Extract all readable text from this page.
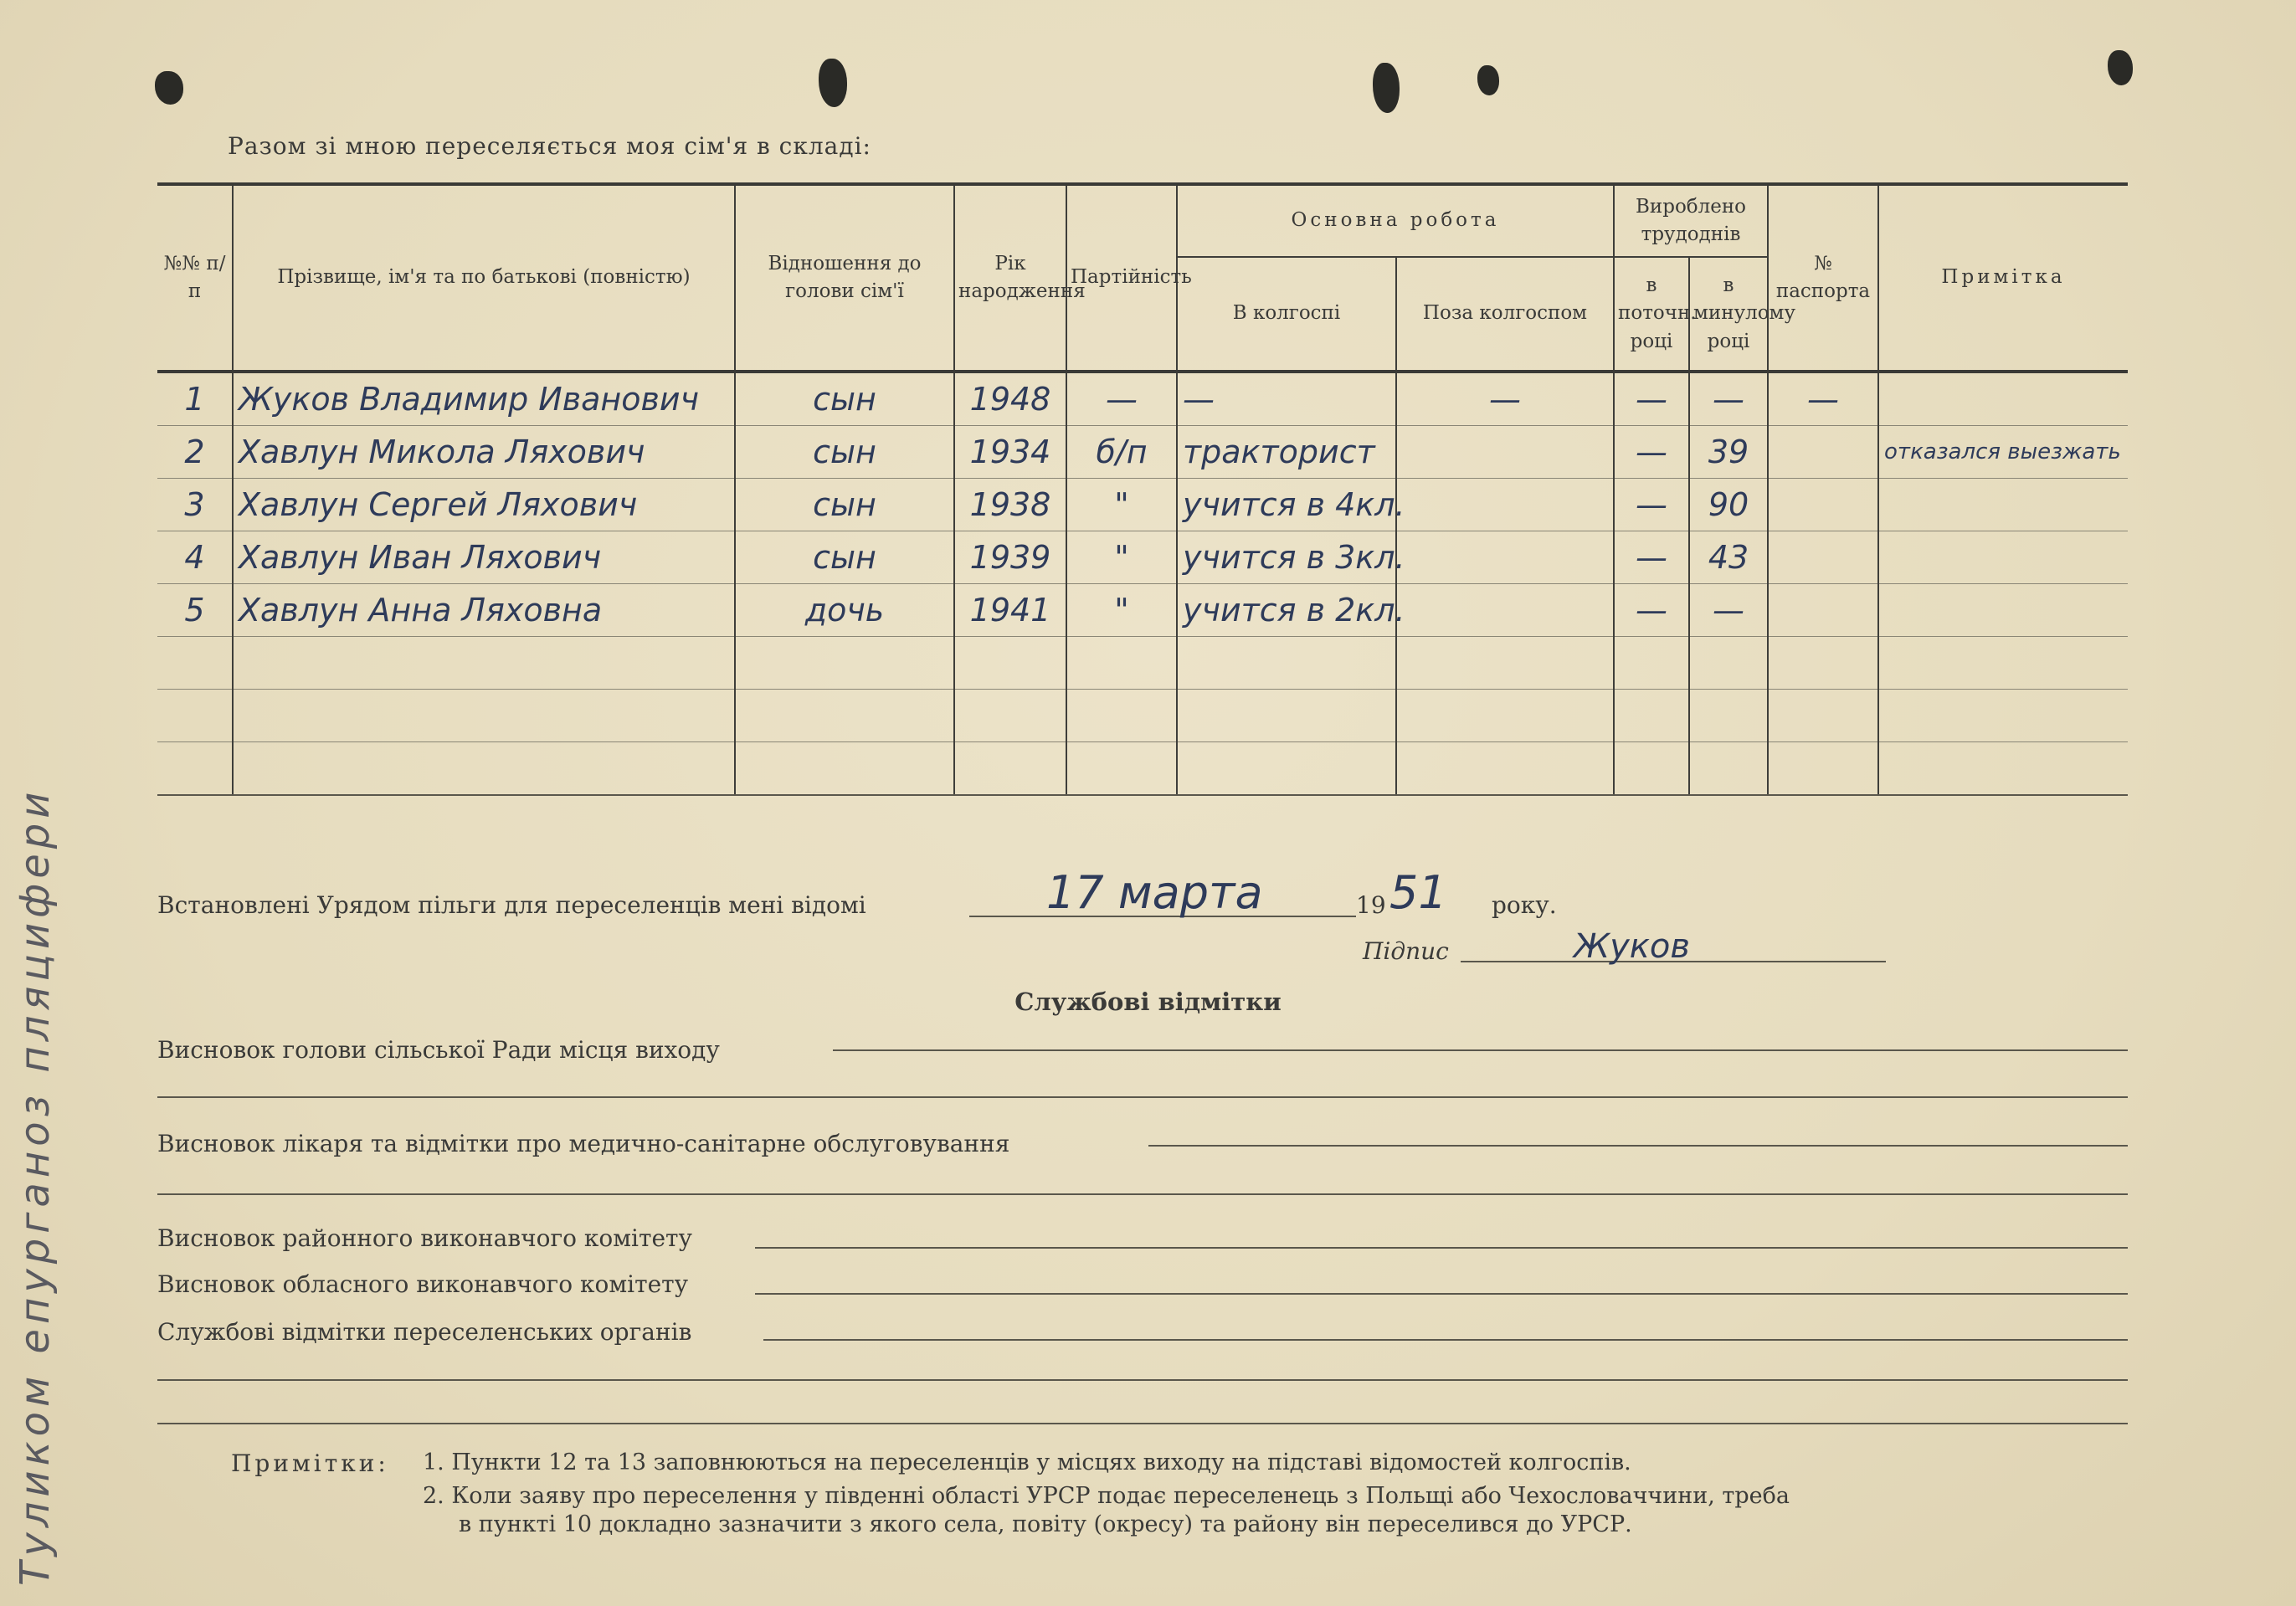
Разом зі мною переселяється моя сім'я в складі:
№№ п/п	Прізвище, ім'я та по батькові (повністю)	Відношення до голови сім'ї	Рік народження	Партійність	Основна робота		Вироблено трудоднів		№ паспорта	Примітка
					В колгоспі	Поза колгоспом	в поточн. році	в минулому році		
1	Жуков Владимир Иванович	сын	1948	—	—	—	—	—	—	
2	Хавлун Микола Ляхович	сын	1934	б/п	тракторист		—	39		отказался выезжать
3	Хавлун Сергей Ляхович	сын	1938	"	учится в 4кл.		—	90		
4	Хавлун Иван Ляхович	сын	1939	"	учится в 3кл.		—	43		
5	Хавлун Анна Ляховна	дочь	1941	"	учится в 2кл.		—	—		

Встановлені Урядом пільги для переселенців мені відомі	17 марта	19 51 року.
Підпис	Жуков
Службові відмітки
Висновок голови сільської Ради місця виходу
Висновок лікаря та відмітки про медично-санітарне обслуговування
Висновок районного виконавчого комітету
Висновок обласного виконавчого комітету
Службові відмітки переселенських органів
Примітки: 1. Пункти 12 та 13 заповнюються на переселенців у місцях виходу на підставі відомостей колгоспів.
2. Коли заяву про переселення у південні області УРСР подає переселенець з Польщі або Чехословаччини, треба
в пункті 10 докладно зазначити з якого села, повіту (окресу) та району він переселився до УРСР.
Туликом епурганоз пляцифери
